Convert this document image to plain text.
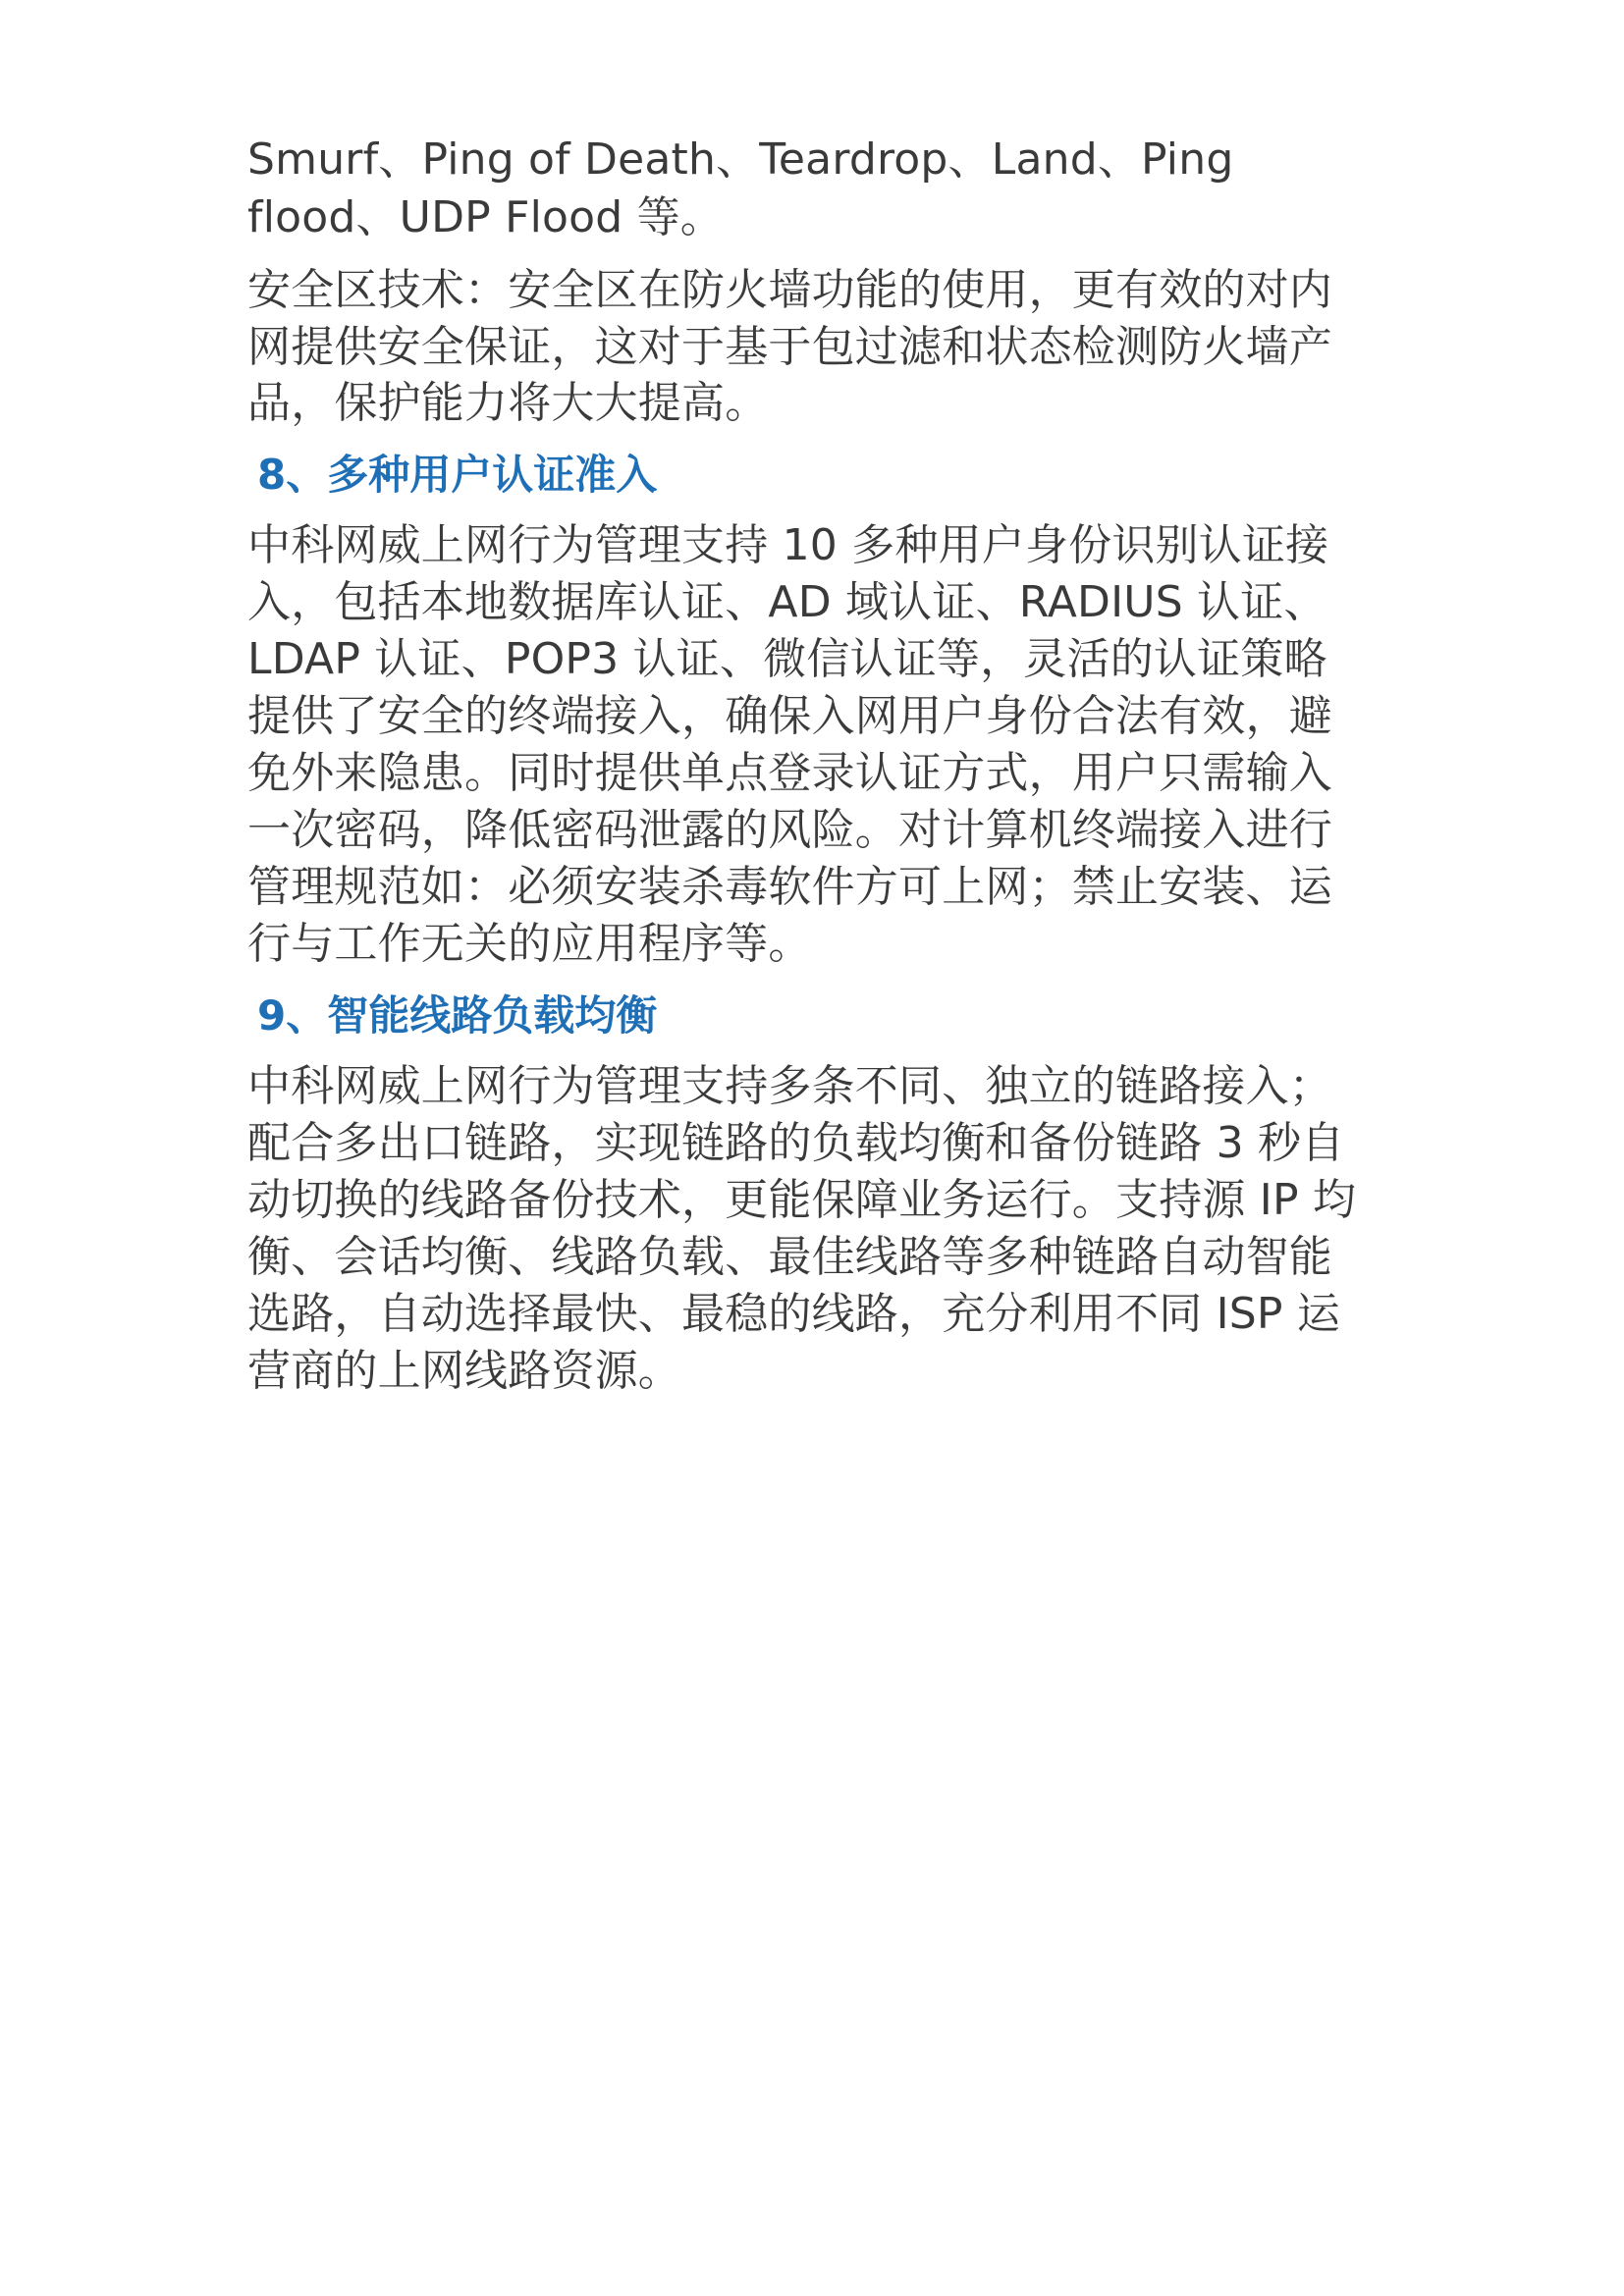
Smurf、Ping of Death、Teardrop、Land、Ping

flood、UDP Flood 等。

安全区技术：安全区在防火墙功能的使用，更有效的对内

网提供安全保证，这对于基于包过滤和状态检测防火墙产

品，保护能力将大大提高。

8、多种用户认证准入

中科网威上网行为管理支持 10 多种用户身份识别认证接

入，包括本地数据库认证、AD 域认证、RADIUS 认证、

LDAP 认证、POP3 认证、微信认证等，灵活的认证策略

提供了安全的终端接入，确保入网用户身份合法有效，避

免外来隐患。同时提供单点登录认证方式，用户只需输入

一次密码，降低密码泄露的风险。对计算机终端接入进行

管理规范如：必须安装杀毒软件方可上网；禁止安装、运

行与工作无关的应用程序等。

9、智能线路负载均衡

中科网威上网行为管理支持多条不同、独立的链路接入；

配合多出口链路，实现链路的负载均衡和备份链路 3 秒自

动切换的线路备份技术，更能保障业务运行。支持源 IP 均

衡、会话均衡、线路负载、最佳线路等多种链路自动智能

选路，自动选择最快、最稳的线路，充分利用不同 ISP 运

营商的上网线路资源。
